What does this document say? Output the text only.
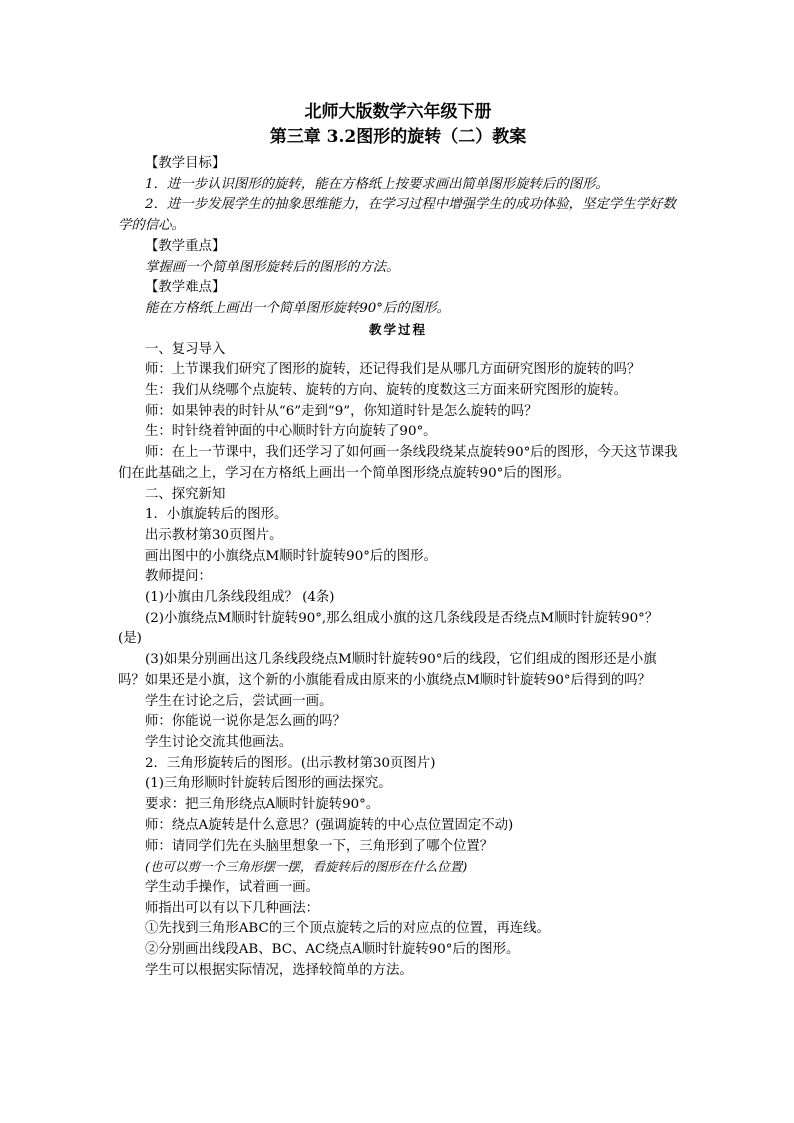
北师大版数学六年级下册

第三章 3.2图形的旋转（二）教案

【教学目标】

1．进一步认识图形的旋转，能在方格纸上按要求画出简单图形旋转后的图形。

2．进一步发展学生的抽象思维能力，在学习过程中增强学生的成功体验，坚定学生学好数学的信心。

【教学重点】

掌握画一个简单图形旋转后的图形的方法。

【教学难点】

能在方格纸上画出一个简单图形旋转90°后的图形。

教学过程

一、复习导入

师：上节课我们研究了图形的旋转，还记得我们是从哪几方面研究图形的旋转的吗？

生：我们从绕哪个点旋转、旋转的方向、旋转的度数这三方面来研究图形的旋转。

师：如果钟表的时针从“6”走到“9”，你知道时针是怎么旋转的吗？

生：时针绕着钟面的中心顺时针方向旋转了90°。

师：在上一节课中，我们还学习了如何画一条线段绕某点旋转90°后的图形，今天这节课我们在此基础之上，学习在方格纸上画出一个简单图形绕点旋转90°后的图形。

二、探究新知

1．小旗旋转后的图形。

出示教材第30页图片。

画出图中的小旗绕点M顺时针旋转90°后的图形。

教师提问：

(1)小旗由几条线段组成？ (4条)

(2)小旗绕点M顺时针旋转90°,那么组成小旗的这几条线段是否绕点M顺时针旋转90°？(是)

(3)如果分别画出这几条线段绕点M顺时针旋转90°后的线段，它们组成的图形还是小旗吗？如果还是小旗，这个新的小旗能看成由原来的小旗绕点M顺时针旋转90°后得到的吗？

学生在讨论之后，尝试画一画。

师：你能说一说你是怎么画的吗？

学生讨论交流其他画法。

2．三角形旋转后的图形。(出示教材第30页图片)

(1)三角形顺时针旋转后图形的画法探究。

要求：把三角形绕点A顺时针旋转90°。

师：绕点A旋转是什么意思？(强调旋转的中心点位置固定不动)

师：请同学们先在头脑里想象一下，三角形到了哪个位置？

(也可以剪一个三角形摆一摆，看旋转后的图形在什么位置)

学生动手操作，试着画一画。

师指出可以有以下几种画法：

①先找到三角形ABC的三个顶点旋转之后的对应点的位置，再连线。

②分别画出线段AB、BC、AC绕点A顺时针旋转90°后的图形。

学生可以根据实际情况，选择较简单的方法。
